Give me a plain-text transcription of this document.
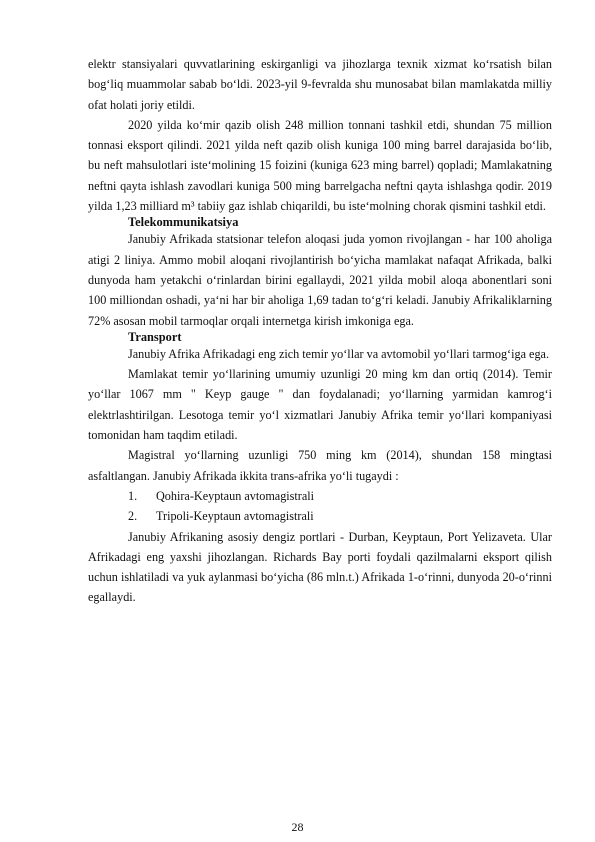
elektr stansiyalari quvvatlarining eskirganligi va jihozlarga texnik xizmat ko‘rsatish bilan bog‘liq muammolar sabab bo‘ldi. 2023-yil 9-fevralda shu munosabat bilan mamlakatda milliy ofat holati joriy etildi.

2020 yilda ko‘mir qazib olish 248 million tonnani tashkil etdi, shundan 75 million tonnasi eksport qilindi. 2021 yilda neft qazib olish kuniga 100 ming barrel darajasida bo‘lib, bu neft mahsulotlari iste‘molining 15 foizini (kuniga 623 ming barrel) qopladi; Mamlakatning neftni qayta ishlash zavodlari kuniga 500 ming barrelgacha neftni qayta ishlashga qodir. 2019 yilda 1,23 milliard m³ tabiiy gaz ishlab chiqarildi, bu iste‘molning chorak qismini tashkil etdi.

Telekommunikatsiya

Janubiy Afrikada statsionar telefon aloqasi juda yomon rivojlangan - har 100 aholiga atigi 2 liniya. Ammo mobil aloqani rivojlantirish bo‘yicha mamlakat nafaqat Afrikada, balki dunyoda ham yetakchi o‘rinlardan birini egallaydi, 2021 yilda mobil aloqa abonentlari soni 100 milliondan oshadi, ya‘ni har bir aholiga 1,69 tadan to‘g‘ri keladi. Janubiy Afrikaliklarning 72% asosan mobil tarmoqlar orqali internetga kirish imkoniga ega.

Transport

Janubiy Afrika Afrikadagi eng zich temir yo‘llar va avtomobil yo‘llari tarmog‘iga ega.

Mamlakat temir yo‘llarining umumiy uzunligi 20 ming km dan ortiq (2014). Temir yo‘llar 1067 mm " Keyp gauge " dan foydalanadi; yo‘llarning yarmidan kamrog‘i elektrlashtirilgan. Lesotoga temir yo‘l xizmatlari Janubiy Afrika temir yo‘llari kompaniyasi tomonidan ham taqdim etiladi.

Magistral yo‘llarning uzunligi 750 ming km (2014), shundan 158 mingtasi asfaltlangan. Janubiy Afrikada ikkita trans-afrika yo‘li tugaydi :

1.	Qohira-Keyptaun avtomagistrali
2.	Tripoli-Keyptaun avtomagistrali

Janubiy Afrikaning asosiy dengiz portlari - Durban, Keyptaun, Port Yelizaveta. Ular Afrikadagi eng yaxshi jihozlangan. Richards Bay porti foydali qazilmalarni eksport qilish uchun ishlatiladi va yuk aylanmasi bo‘yicha (86 mln.t.) Afrikada 1-o‘rinni, dunyoda 20-o‘rinni egallaydi.

28
